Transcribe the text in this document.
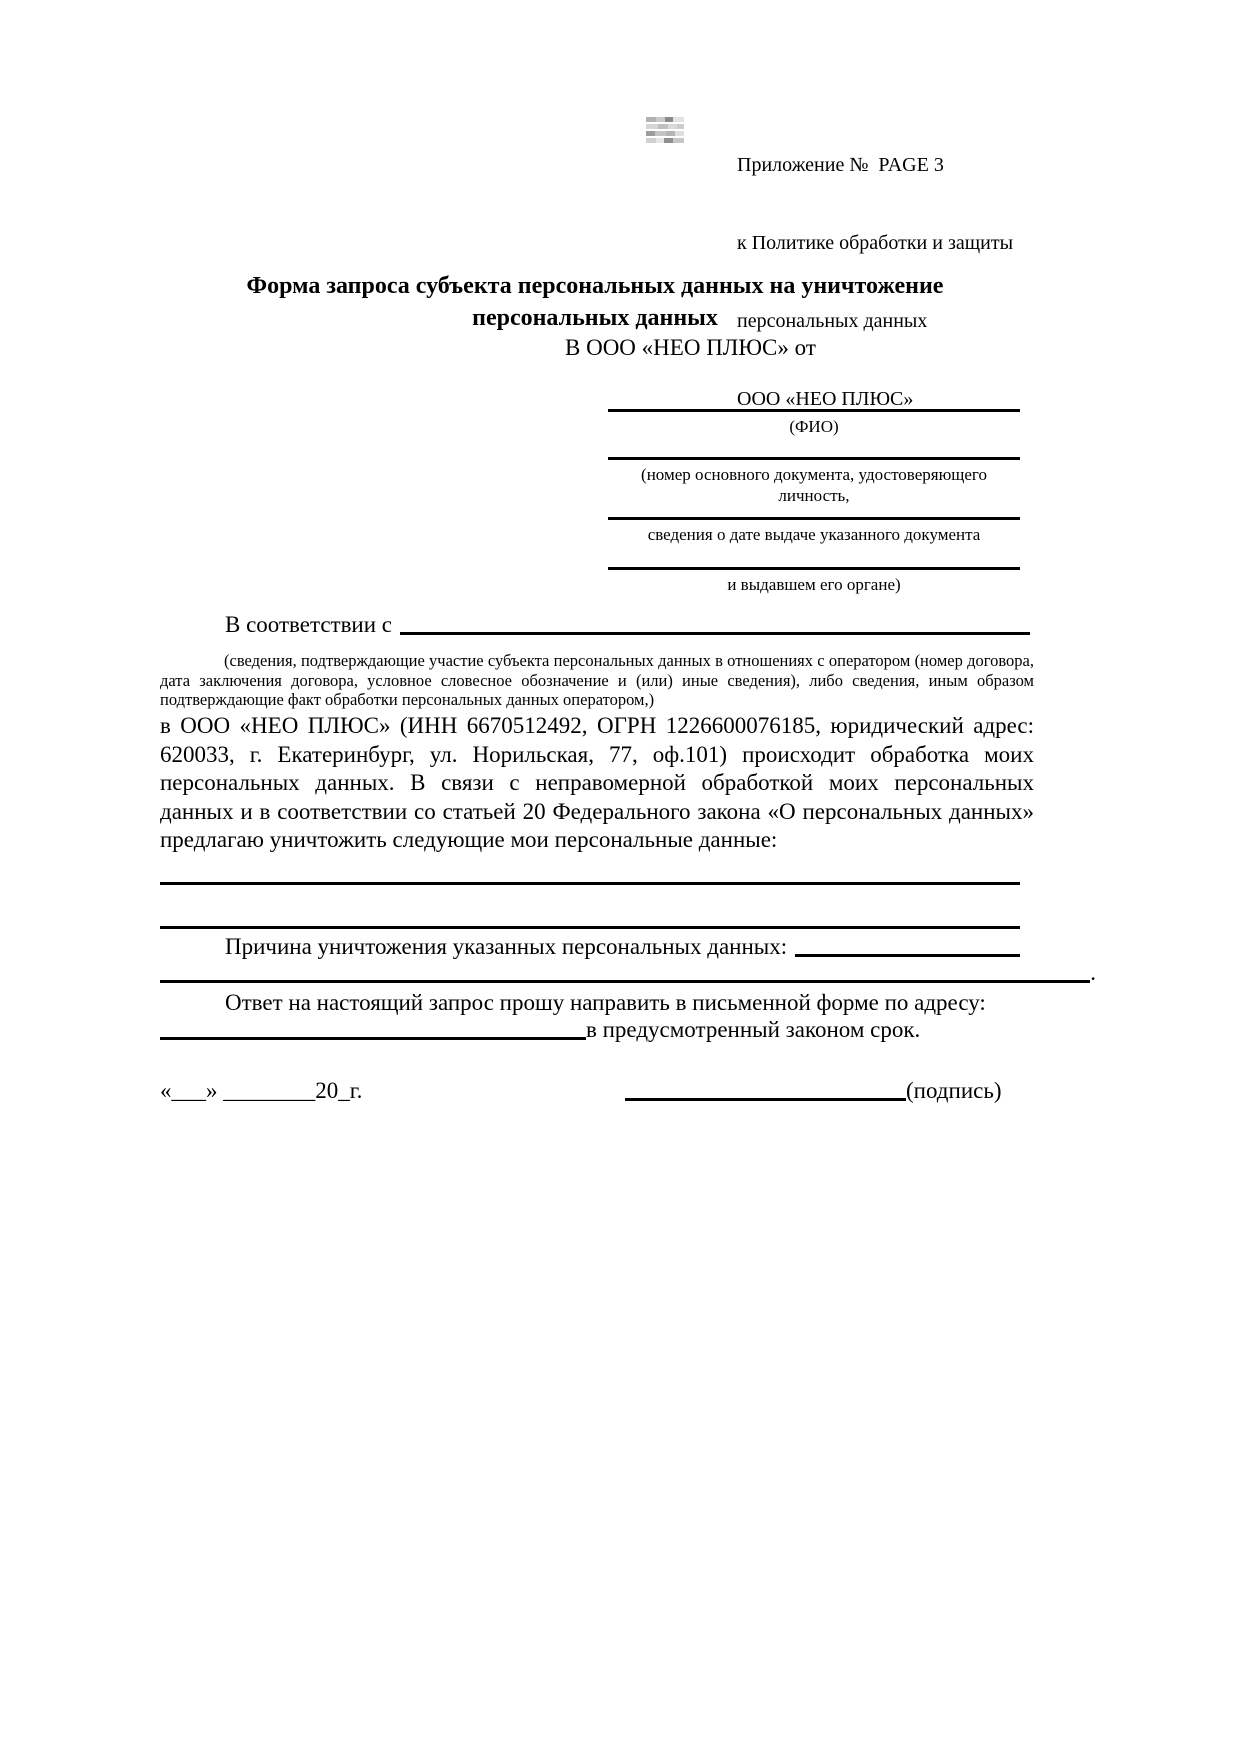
Приложение №  PAGE 3

к Политике обработки и защиты

персональных данных

ООО «НЕО ПЛЮС»

Форма запроса субъекта персональных данных на уничтожение
персональных данных
В ООО «НЕО ПЛЮС» от
(ФИО)
(номер основного документа, удостоверяющего личность,
сведения о дате выдаче указанного документа
и выдавшем его органе)
В соответствии с
(сведения, подтверждающие участие субъекта персональных данных в отношениях с оператором (номер договора, дата заключения договора, условное словесное обозначение и (или) иные сведения), либо сведения, иным образом подтверждающие факт обработки персональных данных оператором,)
в ООО «НЕО ПЛЮС» (ИНН 6670512492, ОГРН 1226600076185, юридический адрес: 620033, г. Екатеринбург, ул. Норильская, 77, оф.101) происходит обработка моих персональных данных. В связи с неправомерной обработкой моих персональных данных и в соответствии со статьей 20 Федерального закона «О персональных данных» предлагаю уничтожить следующие мои персональные данные:
Причина уничтожения указанных персональных данных:
.
Ответ на настоящий запрос прошу направить в письменной форме по адресу:
в предусмотренный законом срок.
«___» ________20_г.	(подпись)
